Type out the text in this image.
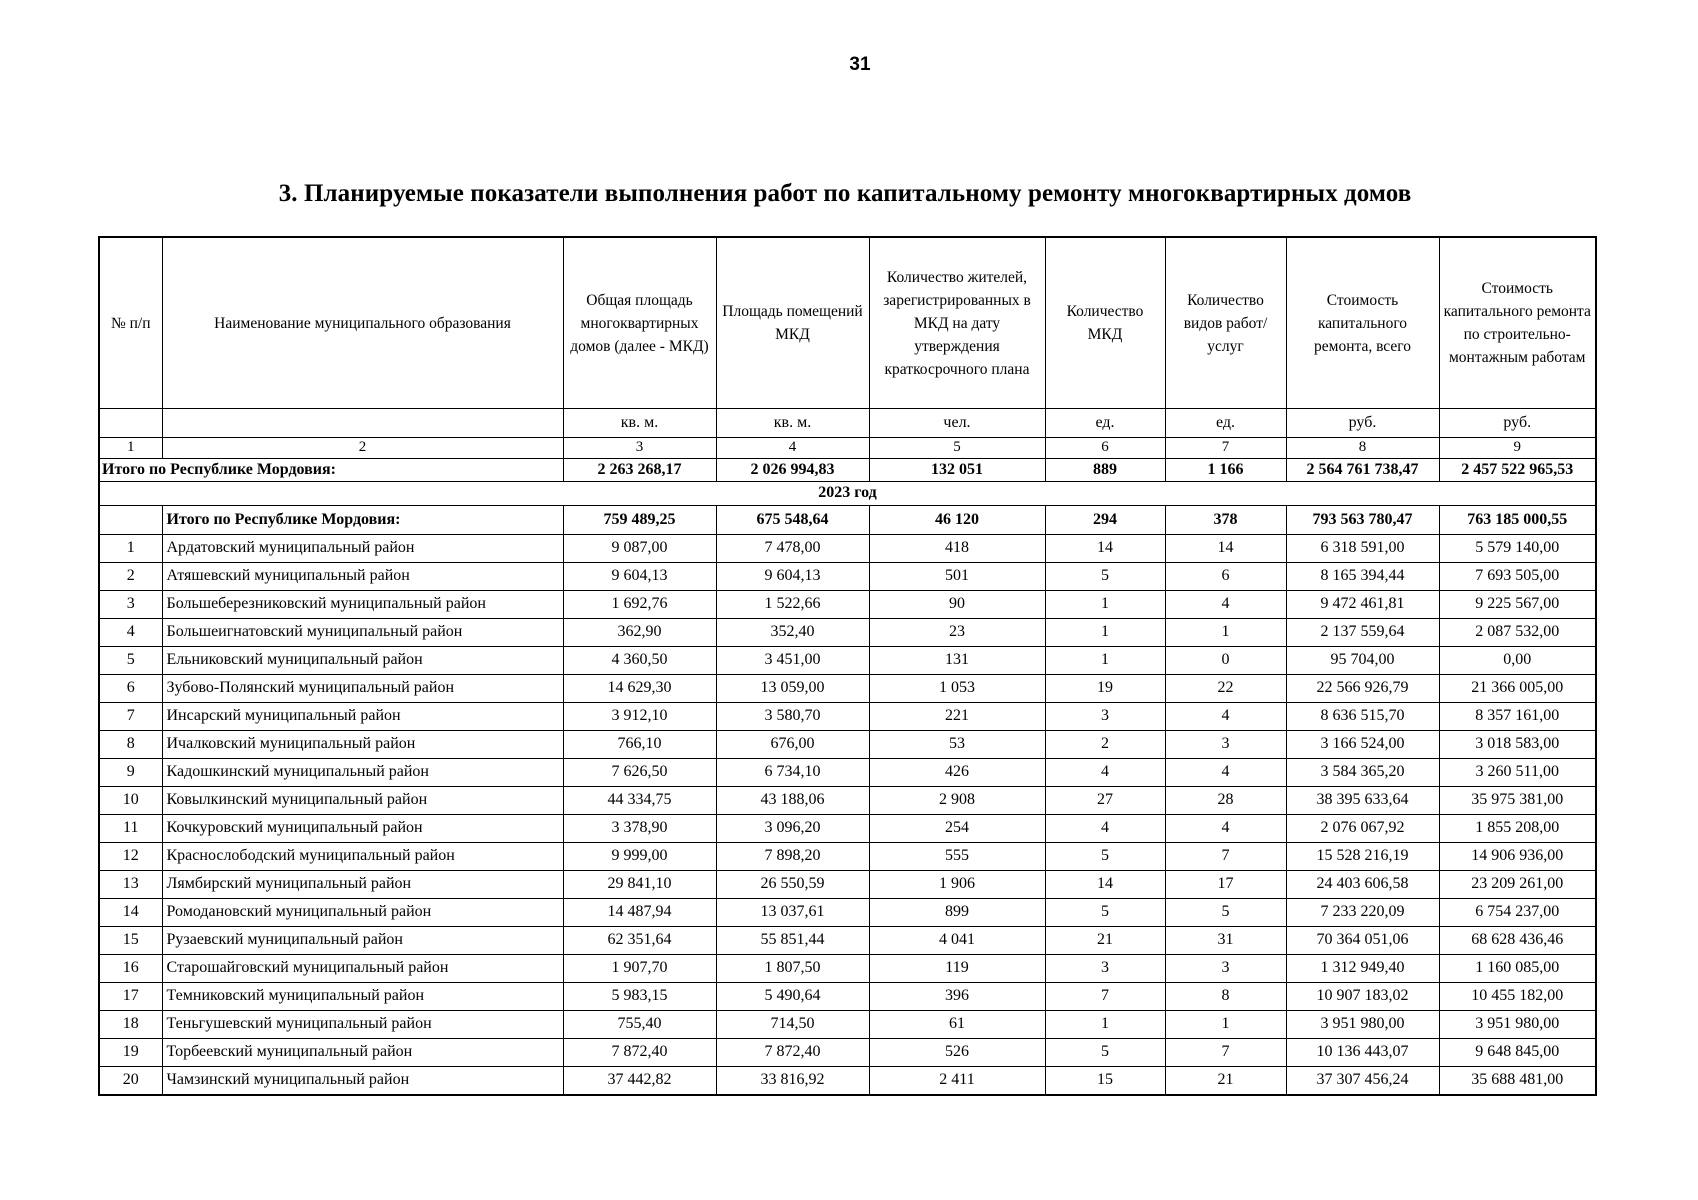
31
3. Планируемые показатели выполнения работ по капитальному ремонту многоквартирных домов
№ п/п	Наименование муниципального образования	Общая площадь многоквартирных домов (далее - МКД)	Площадь помещений МКД	Количество жителей, зарегистрированных в МКД на дату утверждения краткосрочного плана	Количество МКД	Количество видов работ/услуг	Стоимость капитального ремонта, всего	Стоимость капитального ремонта по строительно-монтажным работам
		кв. м.	кв. м.	чел.	ед.	ед.	руб.	руб.
1	2	3	4	5	6	7	8	9
Итого по Республике Мордовия:		2 263 268,17	2 026 994,83	132 051	889	1 166	2 564 761 738,47	2 457 522 965,53
2023 год								
	Итого по Республике Мордовия:	759 489,25	675 548,64	46 120	294	378	793 563 780,47	763 185 000,55
1	Ардатовский муниципальный район	9 087,00	7 478,00	418	14	14	6 318 591,00	5 579 140,00
2	Атяшевский муниципальный район	9 604,13	9 604,13	501	5	6	8 165 394,44	7 693 505,00
3	Большеберезниковский муниципальный район	1 692,76	1 522,66	90	1	4	9 472 461,81	9 225 567,00
4	Большеигнатовский муниципальный район	362,90	352,40	23	1	1	2 137 559,64	2 087 532,00
5	Ельниковский муниципальный район	4 360,50	3 451,00	131	1	0	95 704,00	0,00
6	Зубово-Полянский муниципальный район	14 629,30	13 059,00	1 053	19	22	22 566 926,79	21 366 005,00
7	Инсарский муниципальный район	3 912,10	3 580,70	221	3	4	8 636 515,70	8 357 161,00
8	Ичалковский муниципальный район	766,10	676,00	53	2	3	3 166 524,00	3 018 583,00
9	Кадошкинский муниципальный район	7 626,50	6 734,10	426	4	4	3 584 365,20	3 260 511,00
10	Ковылкинский муниципальный район	44 334,75	43 188,06	2 908	27	28	38 395 633,64	35 975 381,00
11	Кочкуровский муниципальный район	3 378,90	3 096,20	254	4	4	2 076 067,92	1 855 208,00
12	Краснослободский муниципальный район	9 999,00	7 898,20	555	5	7	15 528 216,19	14 906 936,00
13	Лямбирский муниципальный район	29 841,10	26 550,59	1 906	14	17	24 403 606,58	23 209 261,00
14	Ромодановский муниципальный район	14 487,94	13 037,61	899	5	5	7 233 220,09	6 754 237,00
15	Рузаевский муниципальный район	62 351,64	55 851,44	4 041	21	31	70 364 051,06	68 628 436,46
16	Старошайговский муниципальный район	1 907,70	1 807,50	119	3	3	1 312 949,40	1 160 085,00
17	Темниковский муниципальный район	5 983,15	5 490,64	396	7	8	10 907 183,02	10 455 182,00
18	Теньгушевский муниципальный район	755,40	714,50	61	1	1	3 951 980,00	3 951 980,00
19	Торбеевский муниципальный район	7 872,40	7 872,40	526	5	7	10 136 443,07	9 648 845,00
20	Чамзинский муниципальный район	37 442,82	33 816,92	2 411	15	21	37 307 456,24	35 688 481,00
